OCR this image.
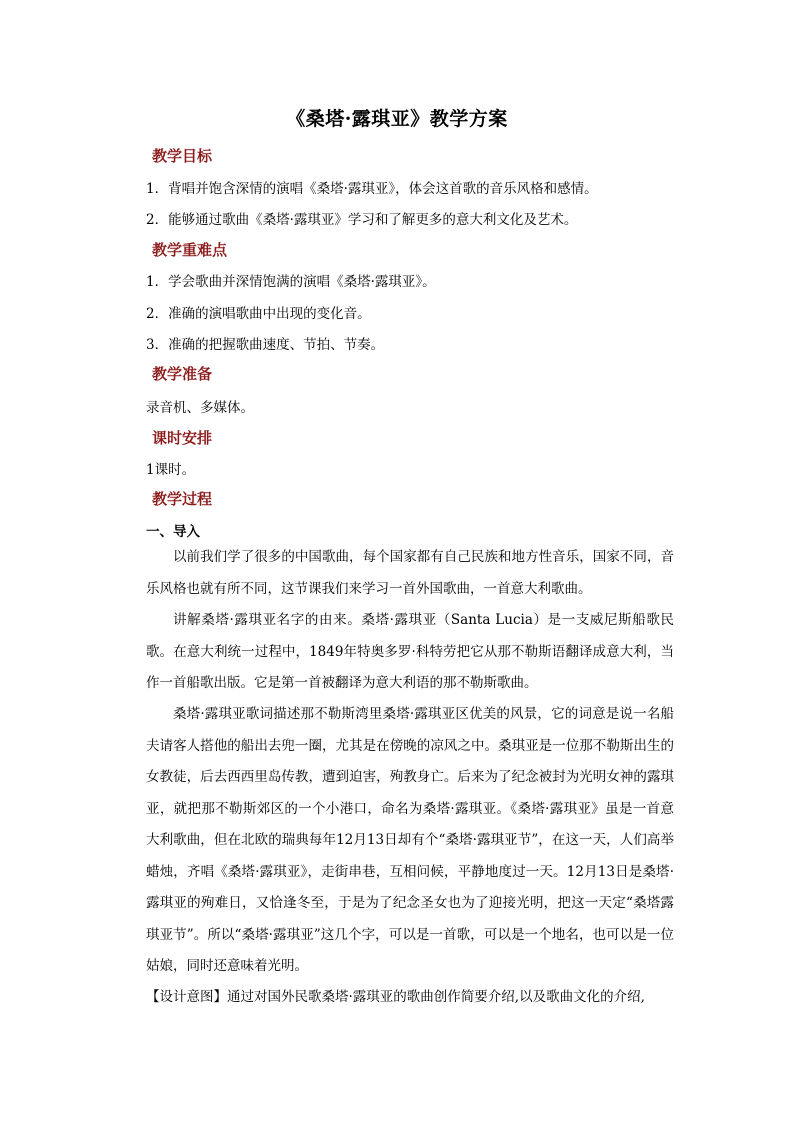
《桑塔·露琪亚》教学方案
教学目标
1．背唱并饱含深情的演唱《桑塔·露琪亚》，体会这首歌的音乐风格和感情。
2．能够通过歌曲《桑塔·露琪亚》学习和了解更多的意大利文化及艺术。
教学重难点
1．学会歌曲并深情饱满的演唱《桑塔·露琪亚》。
2．准确的演唱歌曲中出现的变化音。
3．准确的把握歌曲速度、节拍、节奏。
教学准备
录音机、多媒体。
课时安排
1课时。
教学过程
一、导入

以前我们学了很多的中国歌曲，每个国家都有自己民族和地方性音乐，国家不同，音乐风格也就有所不同，这节课我们来学习一首外国歌曲，一首意大利歌曲。

讲解桑塔·露琪亚名字的由来。桑塔·露琪亚（Santa Lucia）是一支威尼斯船歌民歌。在意大利统一过程中，1849年特奥多罗·科特劳把它从那不勒斯语翻译成意大利，当作一首船歌出版。它是第一首被翻译为意大利语的那不勒斯歌曲。

桑塔·露琪亚歌词描述那不勒斯湾里桑塔·露琪亚区优美的风景，它的词意是说一名船夫请客人搭他的船出去兜一圈，尤其是在傍晚的凉风之中。桑琪亚是一位那不勒斯出生的女教徒，后去西西里岛传教，遭到迫害，殉教身亡。后来为了纪念被封为光明女神的露琪亚，就把那不勒斯郊区的一个小港口，命名为桑塔·露琪亚。《桑塔·露琪亚》虽是一首意大利歌曲，但在北欧的瑞典每年12月13日却有个“桑塔·露琪亚节”，在这一天，人们高举蜡烛，齐唱《桑塔·露琪亚》，走街串巷，互相问候，平静地度过一天。12月13日是桑塔·露琪亚的殉难日，又恰逢冬至，于是为了纪念圣女也为了迎接光明，把这一天定“桑塔露琪亚节”。所以“桑塔·露琪亚”这几个字，可以是一首歌，可以是一个地名，也可以是一位姑娘，同时还意味着光明。

【设计意图】通过对国外民歌桑塔·露琪亚的歌曲创作简要介绍,以及歌曲文化的介绍,
